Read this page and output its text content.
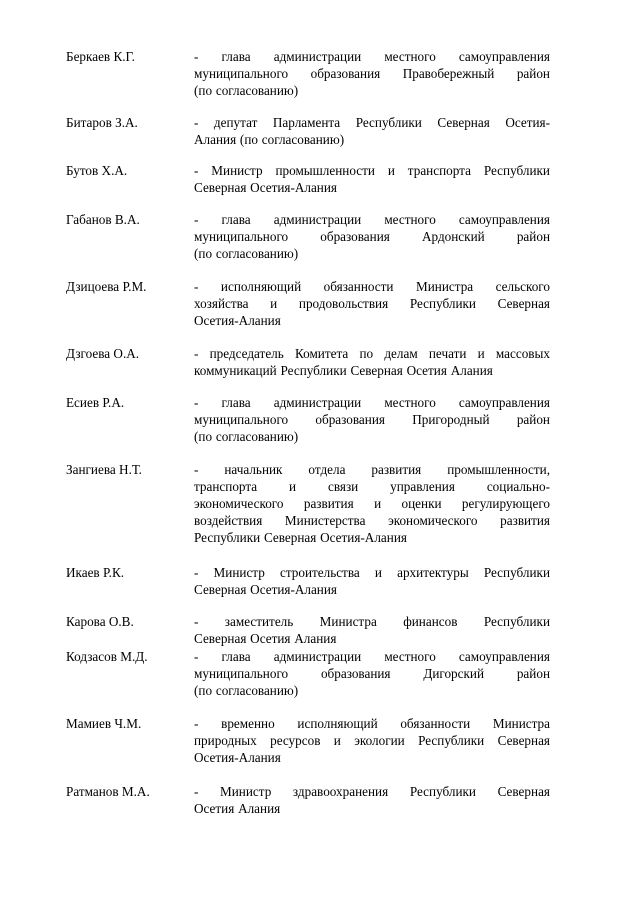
Беркаев К.Г.	- глава администрации местного самоуправления
муниципального образования Правобережный район
(по согласованию)
Битаров З.А.	- депутат Парламента Республики Северная Осетия-
Алания (по согласованию)
Бутов Х.А.	- Министр промышленности и транспорта Республики
Северная Осетия-Алания
Габанов В.А.	- глава администрации местного самоуправления
муниципального образования Ардонский район
(по согласованию)
Дзицоева Р.М.	- исполняющий обязанности Министра сельского
хозяйства и продовольствия Республики Северная
Осетия-Алания
Дзгоева О.А.	- председатель Комитета по делам печати и массовых
коммуникаций Республики Северная Осетия Алания
Есиев Р.А.	- глава администрации местного самоуправления
муниципального образования Пригородный район
(по согласованию)
Зангиева Н.Т.	- начальник отдела развития промышленности,
транспорта и связи управления социально-
экономического развития и оценки регулирующего
воздействия Министерства экономического развития
Республики Северная Осетия-Алания
Икаев Р.К.	- Министр строительства и архитектуры Республики
Северная Осетия-Алания
Карова О.В.	- заместитель Министра финансов Республики
Северная Осетия Алания
Кодзасов М.Д.	- глава администрации местного самоуправления
муниципального образования Дигорский район
(по согласованию)
Мамиев Ч.М.	- временно исполняющий обязанности Министра
природных ресурсов и экологии Республики Северная
Осетия-Алания
Ратманов М.А.	- Министр здравоохранения Республики Северная
Осетия Алания
